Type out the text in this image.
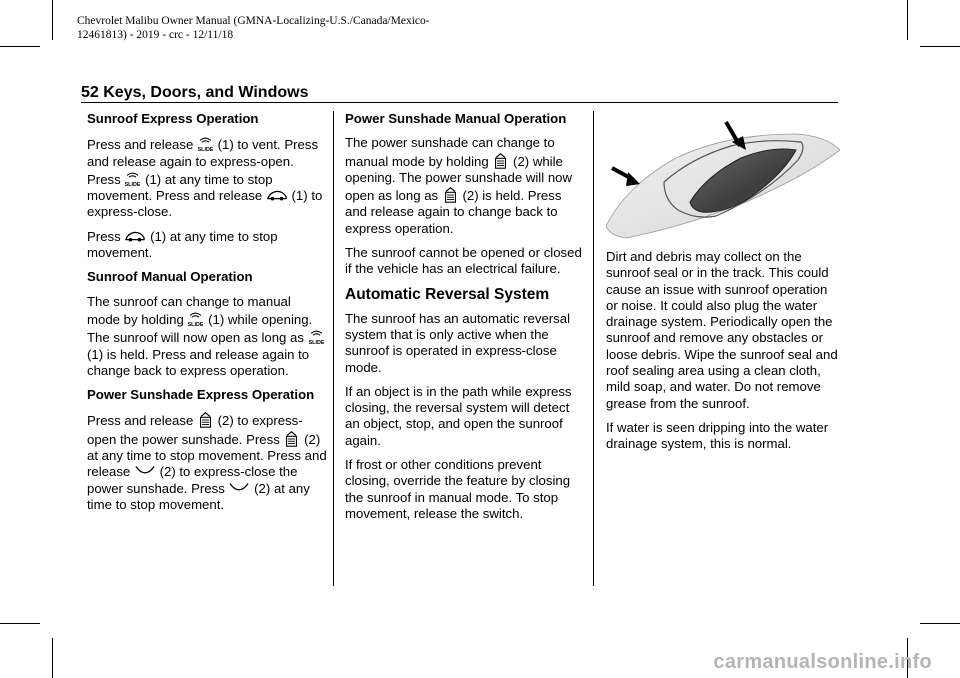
Chevrolet Malibu Owner Manual (GMNA-Localizing-U.S./Canada/Mexico-
12461813) - 2019 - crc - 12/11/18
52 Keys, Doors, and Windows
Sunroof Express Operation

Press and release SLIDE (1) to vent. Press and release again to express-open. Press SLIDE (1) at any time to stop movement. Press and release (1) to express-close.

Press (1) at any time to stop movement.

Sunroof Manual Operation

The sunroof can change to manual mode by holding SLIDE (1) while opening. The sunroof will now open as long as SLIDE
(1) is held. Press and release again to change back to express operation.

Power Sunshade Express Operation

Press and release (2) to express-open the power sunshade. Press (2) at any time to stop movement. Press and release (2) to express-close the power sunshade. Press (2) at any time to stop movement.

Power Sunshade Manual Operation

The power sunshade can change to manual mode by holding (2) while opening. The power sunshade will now open as long as (2) is held. Press and release again to change back to express operation.

The sunroof cannot be opened or closed if the vehicle has an electrical failure.

Automatic Reversal System

The sunroof has an automatic reversal system that is only active when the sunroof is operated in express-close mode.

If an object is in the path while express closing, the reversal system will detect an object, stop, and open the sunroof again.

If frost or other conditions prevent closing, override the feature by closing the sunroof in manual mode. To stop movement, release the switch.

Dirt and debris may collect on the sunroof seal or in the track. This could cause an issue with sunroof operation or noise. It could also plug the water drainage system. Periodically open the sunroof and remove any obstacles or loose debris. Wipe the sunroof seal and roof sealing area using a clean cloth, mild soap, and water. Do not remove grease from the sunroof.

If water is seen dripping into the water drainage system, this is normal.

carmanualsonline.info
